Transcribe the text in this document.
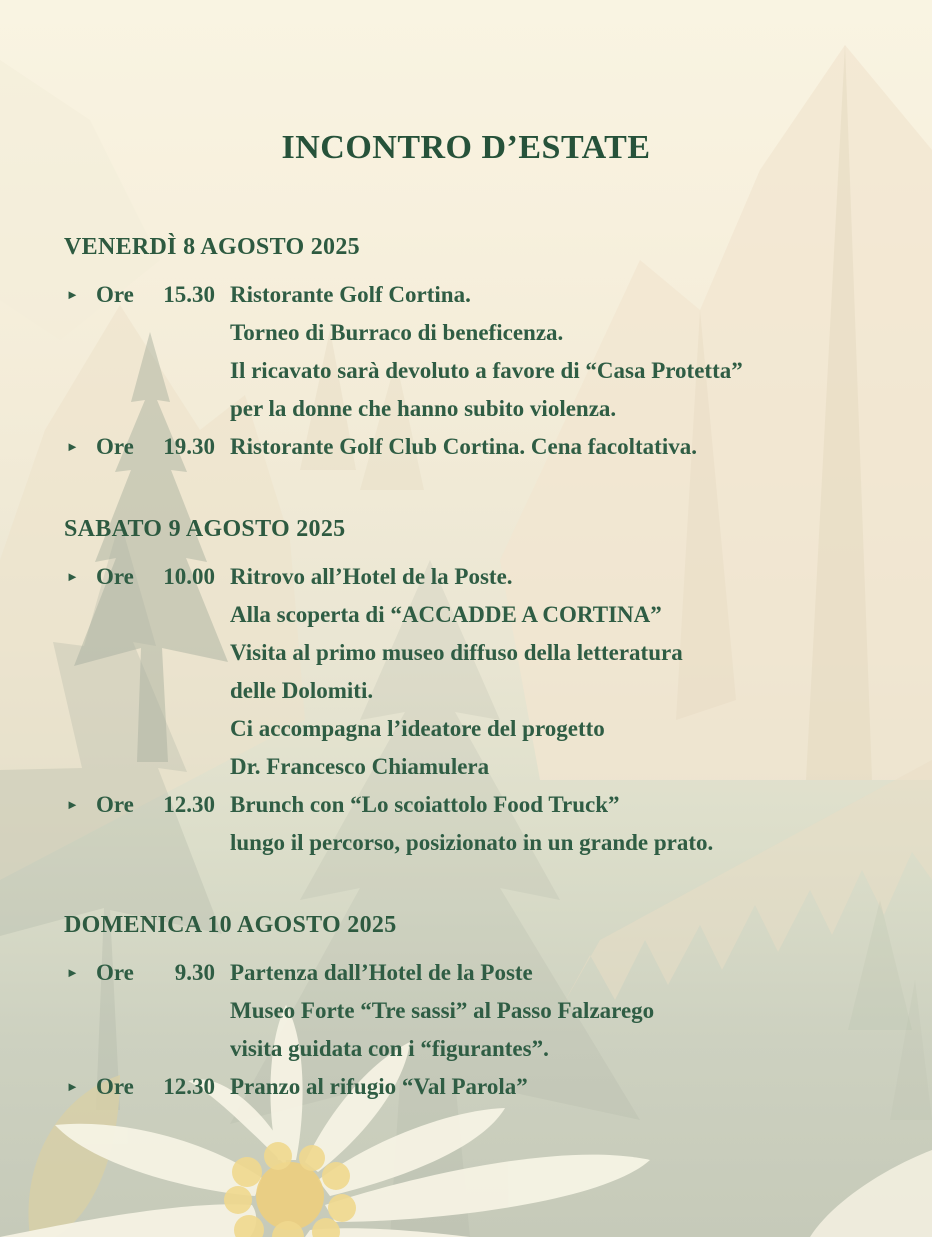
INCONTRO D’ESTATE
VENERDÌ 8 AGOSTO 2025
► Ore 15.30 Ristorante Golf Cortina.
Torneo di Burraco di beneficenza.
Il ricavato sarà devoluto a favore di “Casa Protetta”
per la donne che hanno subito violenza.
► Ore 19.30 Ristorante Golf Club Cortina. Cena facoltativa.
SABATO 9 AGOSTO 2025
► Ore 10.00 Ritrovo all’Hotel de la Poste.
Alla scoperta di “ACCADDE A CORTINA”
Visita al primo museo diffuso della letteratura
delle Dolomiti.
Ci accompagna l’ideatore del progetto
Dr. Francesco Chiamulera
► Ore 12.30 Brunch con “Lo scoiattolo Food Truck”
lungo il percorso, posizionato in un grande prato.
DOMENICA 10 AGOSTO 2025
► Ore 9.30 Partenza dall’Hotel de la Poste
Museo Forte “Tre sassi” al Passo Falzarego
visita guidata con i “figurantes”.
► Ore 12.30 Pranzo al rifugio “Val Parola”
